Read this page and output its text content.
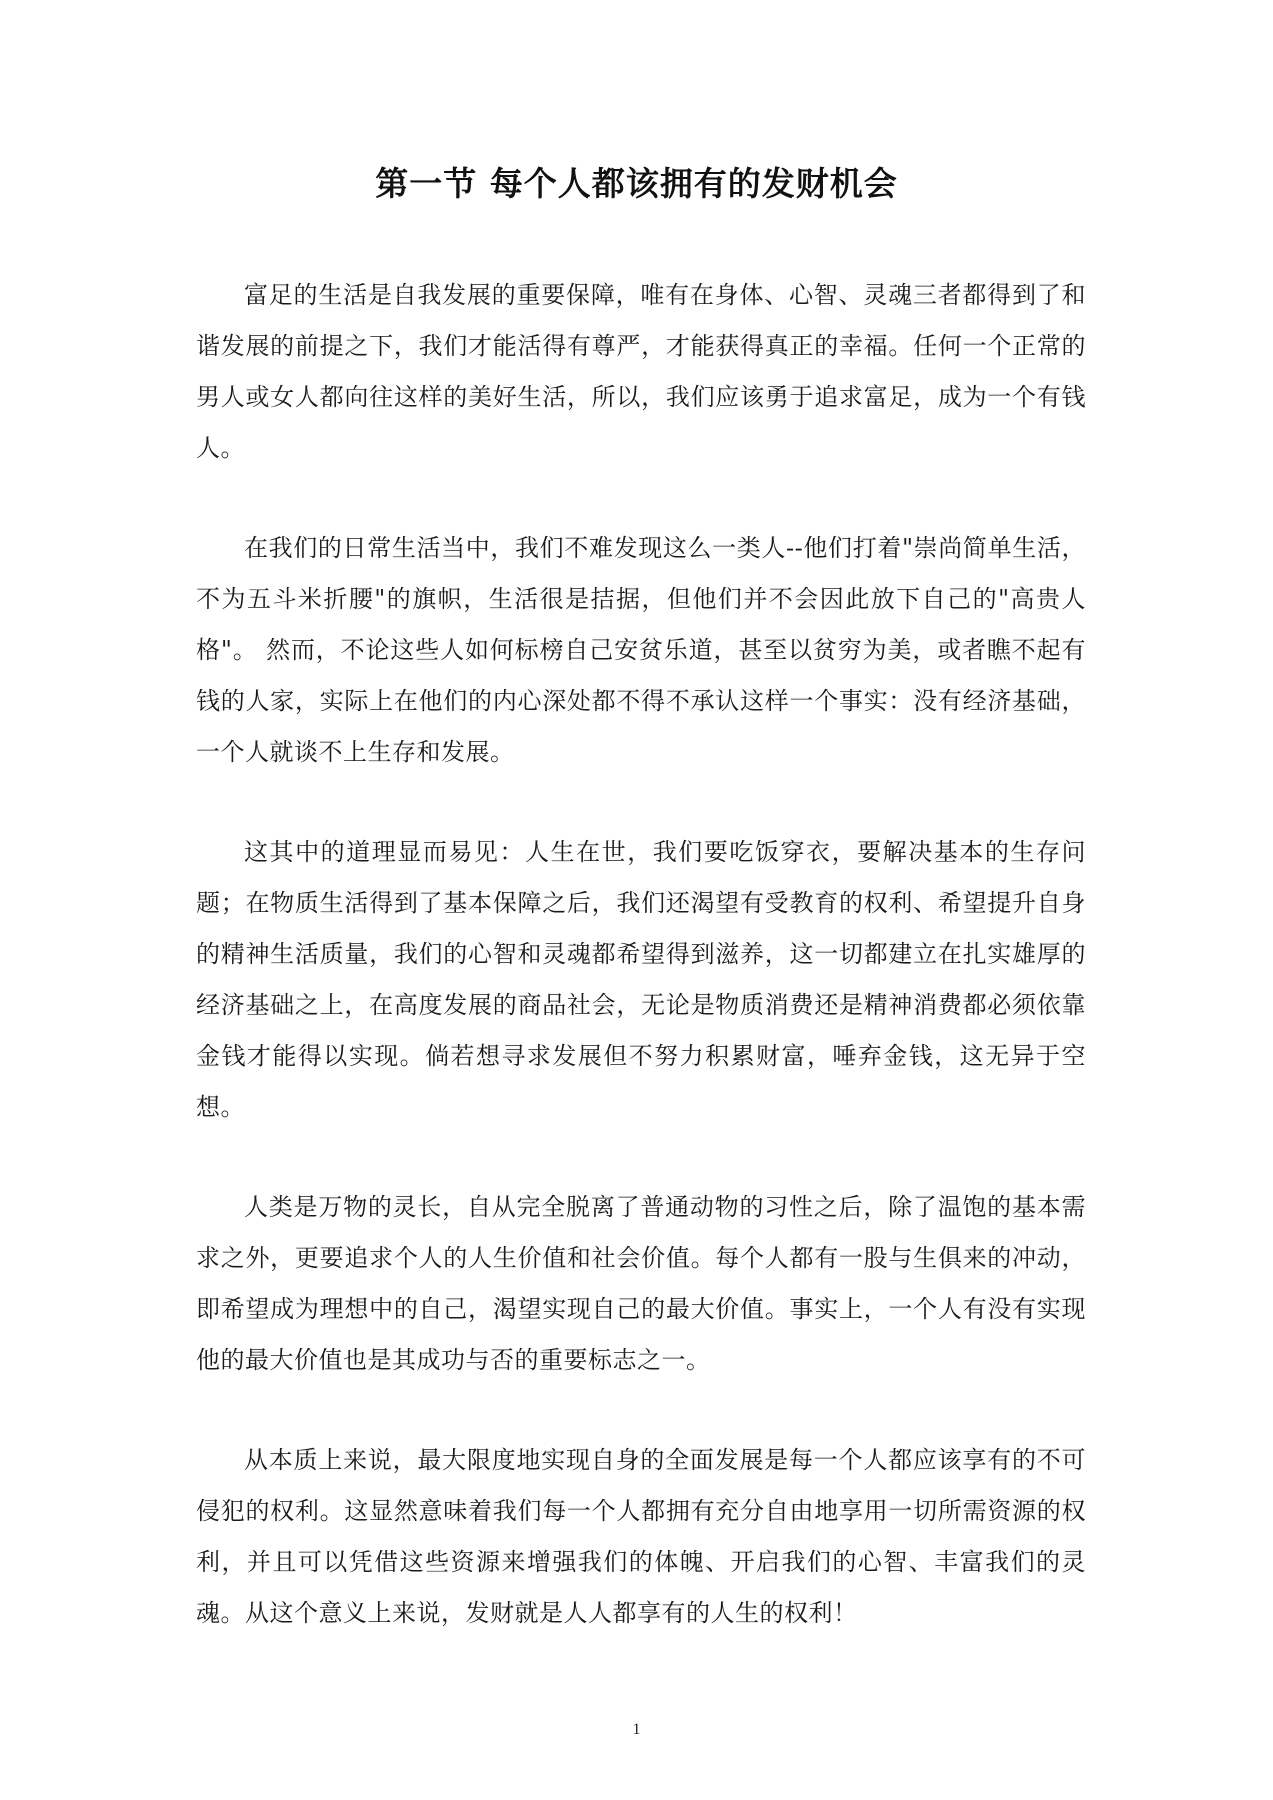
第一节 每个人都该拥有的发财机会

富足的生活是自我发展的重要保障，唯有在身体、心智、灵魂三者都得到了和谐发展的前提之下，我们才能活得有尊严，才能获得真正的幸福。任何一个正常的男人或女人都向往这样的美好生活，所以，我们应该勇于追求富足，成为一个有钱人。

在我们的日常生活当中，我们不难发现这么一类人--他们打着"崇尚简单生活，不为五斗米折腰"的旗帜，生活很是拮据，但他们并不会因此放下自己的"高贵人格"。 然而，不论这些人如何标榜自己安贫乐道，甚至以贫穷为美，或者瞧不起有钱的人家，实际上在他们的内心深处都不得不承认这样一个事实：没有经济基础，一个人就谈不上生存和发展。

这其中的道理显而易见：人生在世，我们要吃饭穿衣，要解决基本的生存问题；在物质生活得到了基本保障之后，我们还渴望有受教育的权利、希望提升自身的精神生活质量，我们的心智和灵魂都希望得到滋养，这一切都建立在扎实雄厚的经济基础之上，在高度发展的商品社会，无论是物质消费还是精神消费都必须依靠金钱才能得以实现。倘若想寻求发展但不努力积累财富，唾弃金钱，这无异于空想。

人类是万物的灵长，自从完全脱离了普通动物的习性之后，除了温饱的基本需求之外，更要追求个人的人生价值和社会价值。每个人都有一股与生俱来的冲动，即希望成为理想中的自己，渴望实现自己的最大价值。事实上，一个人有没有实现他的最大价值也是其成功与否的重要标志之一。

从本质上来说，最大限度地实现自身的全面发展是每一个人都应该享有的不可侵犯的权利。这显然意味着我们每一个人都拥有充分自由地享用一切所需资源的权利，并且可以凭借这些资源来增强我们的体魄、开启我们的心智、丰富我们的灵魂。从这个意义上来说，发财就是人人都享有的人生的权利！

1
